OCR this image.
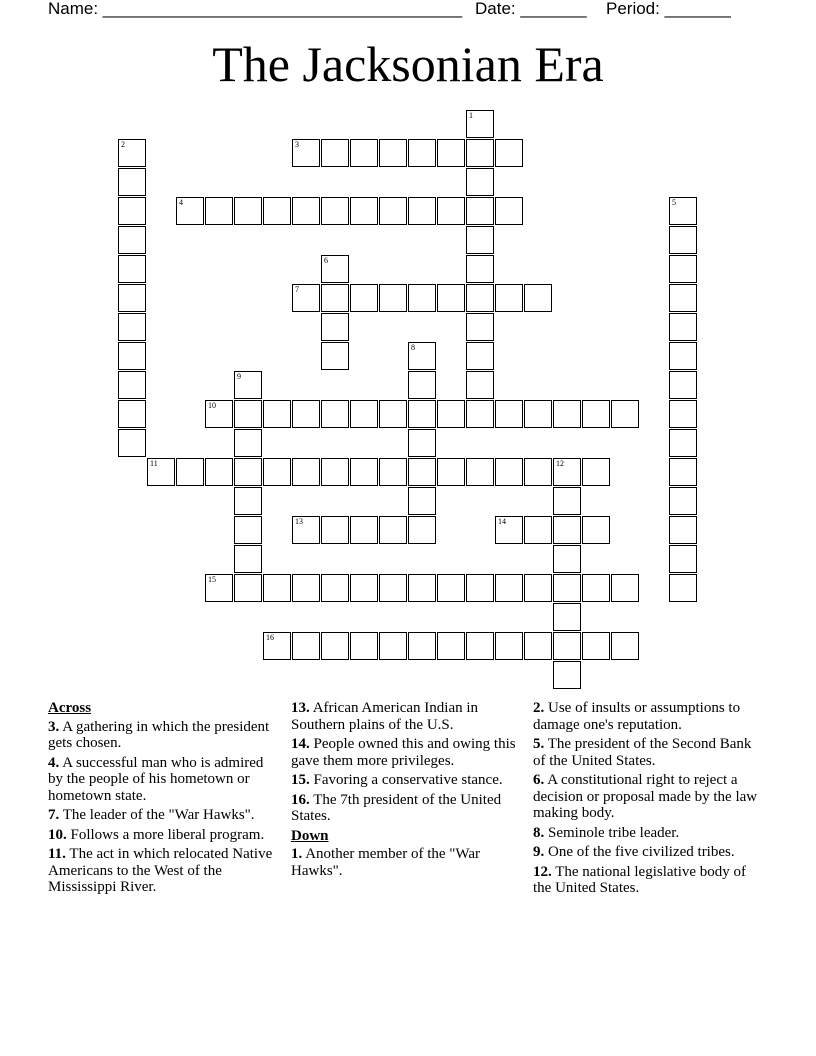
Name: ______________________________________ Date: _______ Period: _______
The Jacksonian Era
1
2	3
4	5
6
7
8
9
10
11	12
13	14
15
16
Across
3. A gathering in which the president gets chosen.
4. A successful man who is admired by the people of his hometown or hometown state.
7. The leader of the "War Hawks".
10. Follows a more liberal program.
11. The act in which relocated Native Americans to the West of the Mississippi River.
13. African American Indian in Southern plains of the U.S.
14. People owned this and owing this gave them more privileges.
15. Favoring a conservative stance.
16. The 7th president of the United States.
Down
1. Another member of the "War Hawks".
2. Use of insults or assumptions to damage one's reputation.
5. The president of the Second Bank of the United States.
6. A constitutional right to reject a decision or proposal made by the law making body.
8. Seminole tribe leader.
9. One of the five civilized tribes.
12. The national legislative body of the United States.
